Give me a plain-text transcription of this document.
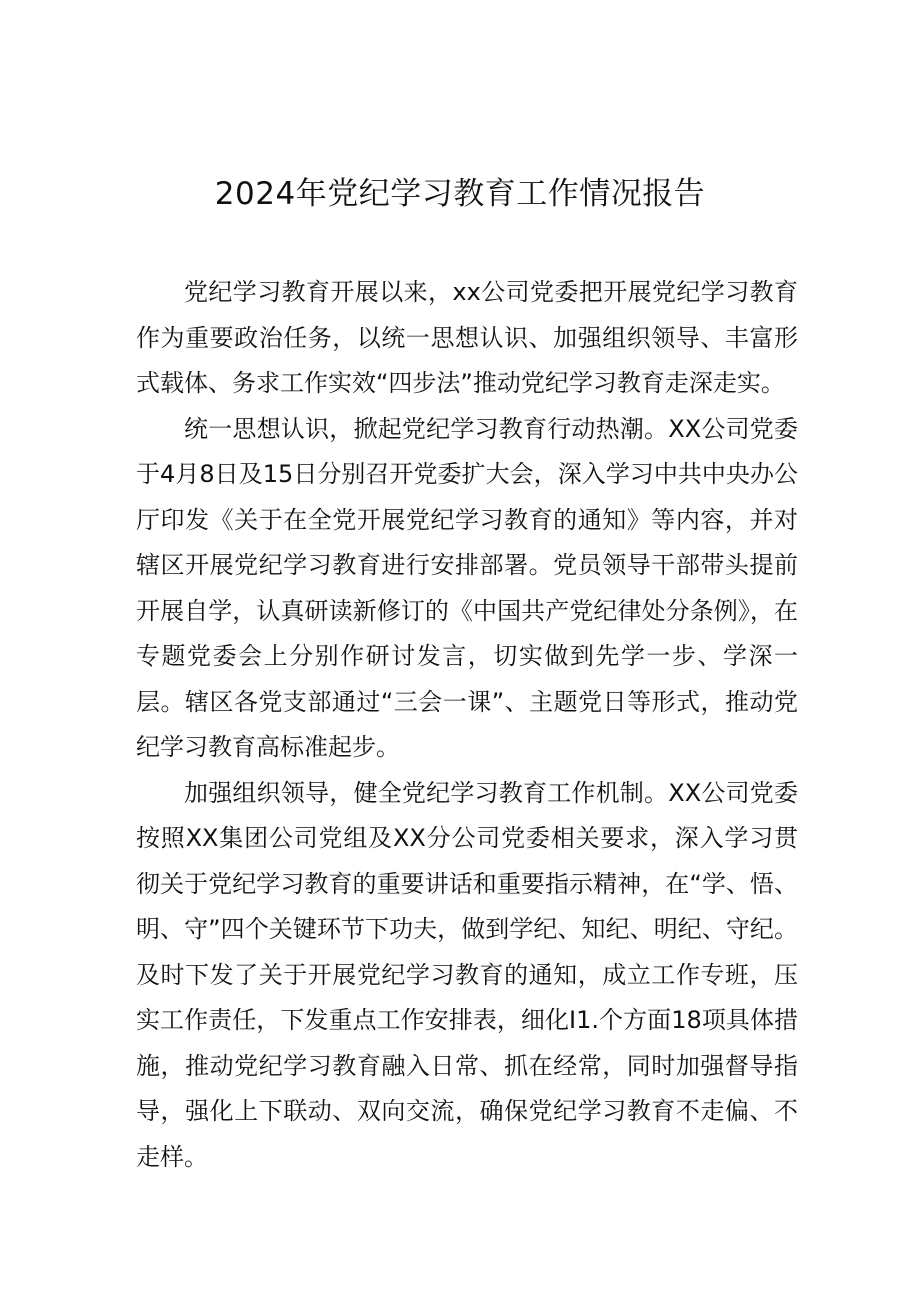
2024年党纪学习教育工作情况报告

党纪学习教育开展以来，xx公司党委把开展党纪学习教育作为重要政治任务，以统一思想认识、加强组织领导、丰富形式载体、务求工作实效“四步法”推动党纪学习教育走深走实。

统一思想认识，掀起党纪学习教育行动热潮。XX公司党委于4月8日及15日分别召开党委扩大会，深入学习中共中央办公厅印发《关于在全党开展党纪学习教育的通知》等内容，并对辖区开展党纪学习教育进行安排部署。党员领导干部带头提前开展自学，认真研读新修订的《中国共产党纪律处分条例》，在专题党委会上分别作研讨发言，切实做到先学一步、学深一层。辖区各党支部通过“三会一课”、主题党日等形式，推动党纪学习教育高标准起步。

加强组织领导，健全党纪学习教育工作机制。XX公司党委按照XX集团公司党组及XX分公司党委相关要求，深入学习贯彻关于党纪学习教育的重要讲话和重要指示精神，在“学、悟、明、守”四个关键环节下功夫，做到学纪、知纪、明纪、守纪。及时下发了关于开展党纪学习教育的通知，成立工作专班，压实工作责任，下发重点工作安排表，细化I1.个方面18项具体措施，推动党纪学习教育融入日常、抓在经常，同时加强督导指导，强化上下联动、双向交流，确保党纪学习教育不走偏、不走样。
